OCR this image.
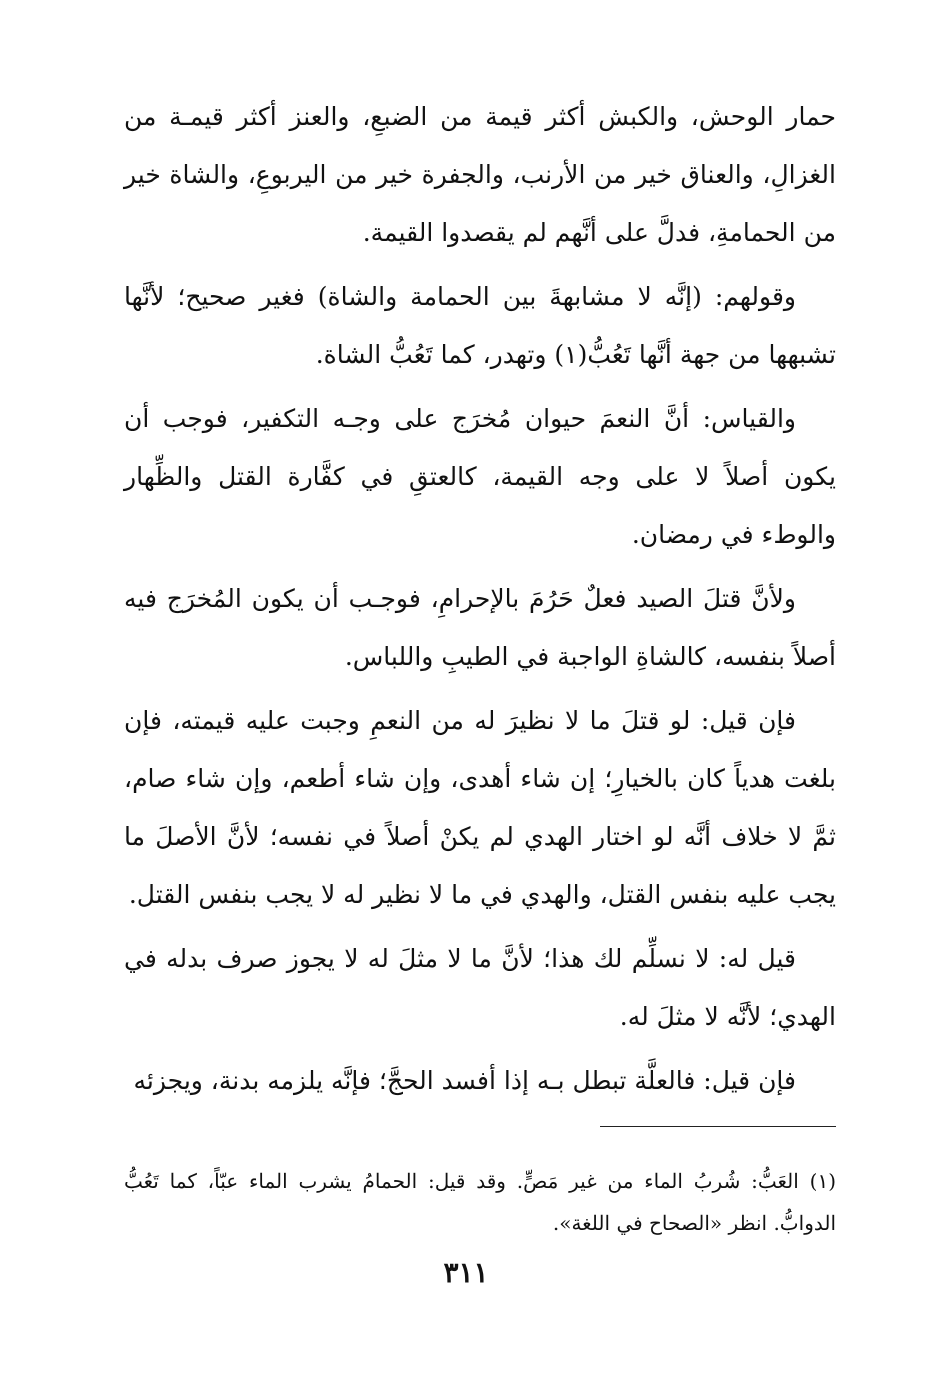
حمار الوحش، والكبش أكثر قيمة من الضبعِ، والعنز أكثر قيمـة من الغزالِ، والعناق خير من الأرنب، والجفرة خير من اليربوعِ، والشاة خير من الحمامةِ، فدلَّ على أنَّهم لم يقصدوا القيمة.

وقولهم: (إنَّه لا مشابهةَ بين الحمامة والشاة) فغير صحيح؛ لأنَّها تشبهها من جهة أنَّها تَعُبُّ(١) وتهدر، كما تَعُبُّ الشاة.

والقياس: أنَّ النعمَ حيوان مُخرَج على وجـه التكفير، فوجب أن يكون أصلاً لا على وجه القيمة، كالعتقِ في كفَّارة القتل والظِّهار والوطء في رمضان.

ولأنَّ قتلَ الصيد فعلٌ حَرُمَ بالإحرامِ، فوجـب أن يكون المُخرَج فيه أصلاً بنفسه، كالشاةِ الواجبة في الطيبِ واللباس.

فإن قيل: لو قتلَ ما لا نظيرَ له من النعمِ وجبت عليه قيمته، فإن بلغت هدياً كان بالخيارِ؛ إن شاء أهدى، وإن شاء أطعم، وإن شاء صام، ثمَّ لا خلاف أنَّه لو اختار الهدي لم يكنْ أصلاً في نفسه؛ لأنَّ الأصلَ ما يجب عليه بنفس القتل، والهدي في ما لا نظير له لا يجب بنفس القتل.

قيل له: لا نسلِّم لك هذا؛ لأنَّ ما لا مثلَ له لا يجوز صرف بدله في الهدي؛ لأنَّه لا مثلَ له.

فإن قيل: فالعلَّة تبطل بـه إذا أفسد الحجَّ؛ فإنَّه يلزمه بدنة، ويجزئه

(١) العَبُّ: شُربُ الماء من غير مَصٍّ. وقد قيل: الحمامُ يشرب الماء عبّاً، كما تَعُبُّ الدوابُّ. انظر «الصحاح في اللغة».

٣١١
